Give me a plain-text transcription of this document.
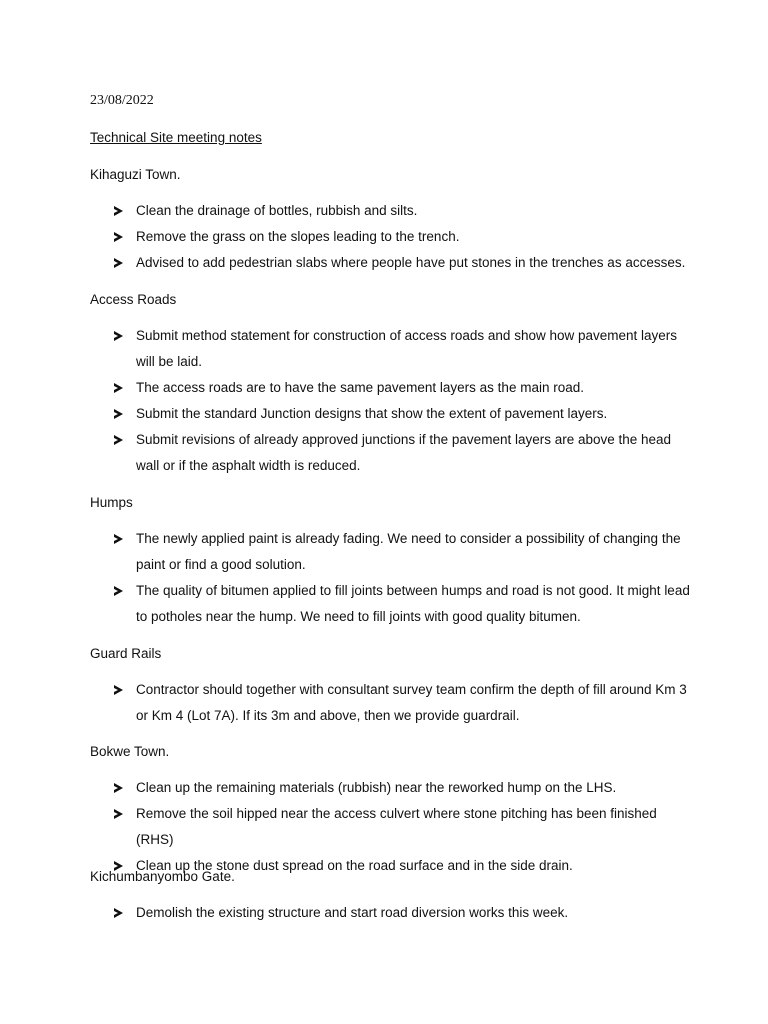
23/08/2022
Technical Site meeting notes
Kihaguzi Town.
Clean the drainage of bottles, rubbish and silts.
Remove the grass on the slopes leading to the trench.
Advised to add pedestrian slabs where people have put stones in the trenches as accesses.
Access Roads
Submit method statement for construction of access roads and show how pavement layers will be laid.
The access roads are to have the same pavement layers as the main road.
Submit the standard Junction designs that show the extent of pavement layers.
Submit revisions of already approved junctions if the pavement layers are above the head wall or if the asphalt width is reduced.
Humps
The newly applied paint is already fading. We need to consider a possibility of changing the paint or find a good solution.
The quality of bitumen applied to fill joints between humps and road is not good. It might lead to potholes near the hump. We need to fill joints with good quality bitumen.
Guard Rails
Contractor should together with consultant survey team confirm the depth of fill around Km 3 or Km 4 (Lot 7A). If its 3m and above, then we provide guardrail.
Bokwe Town.
Clean up the remaining materials (rubbish) near the reworked hump on the LHS.
Remove the soil hipped near the access culvert where stone pitching has been finished (RHS)
Clean up the stone dust spread on the road surface and in the side drain.
Kichumbanyombo Gate.
Demolish the existing structure and start road diversion works this week.
